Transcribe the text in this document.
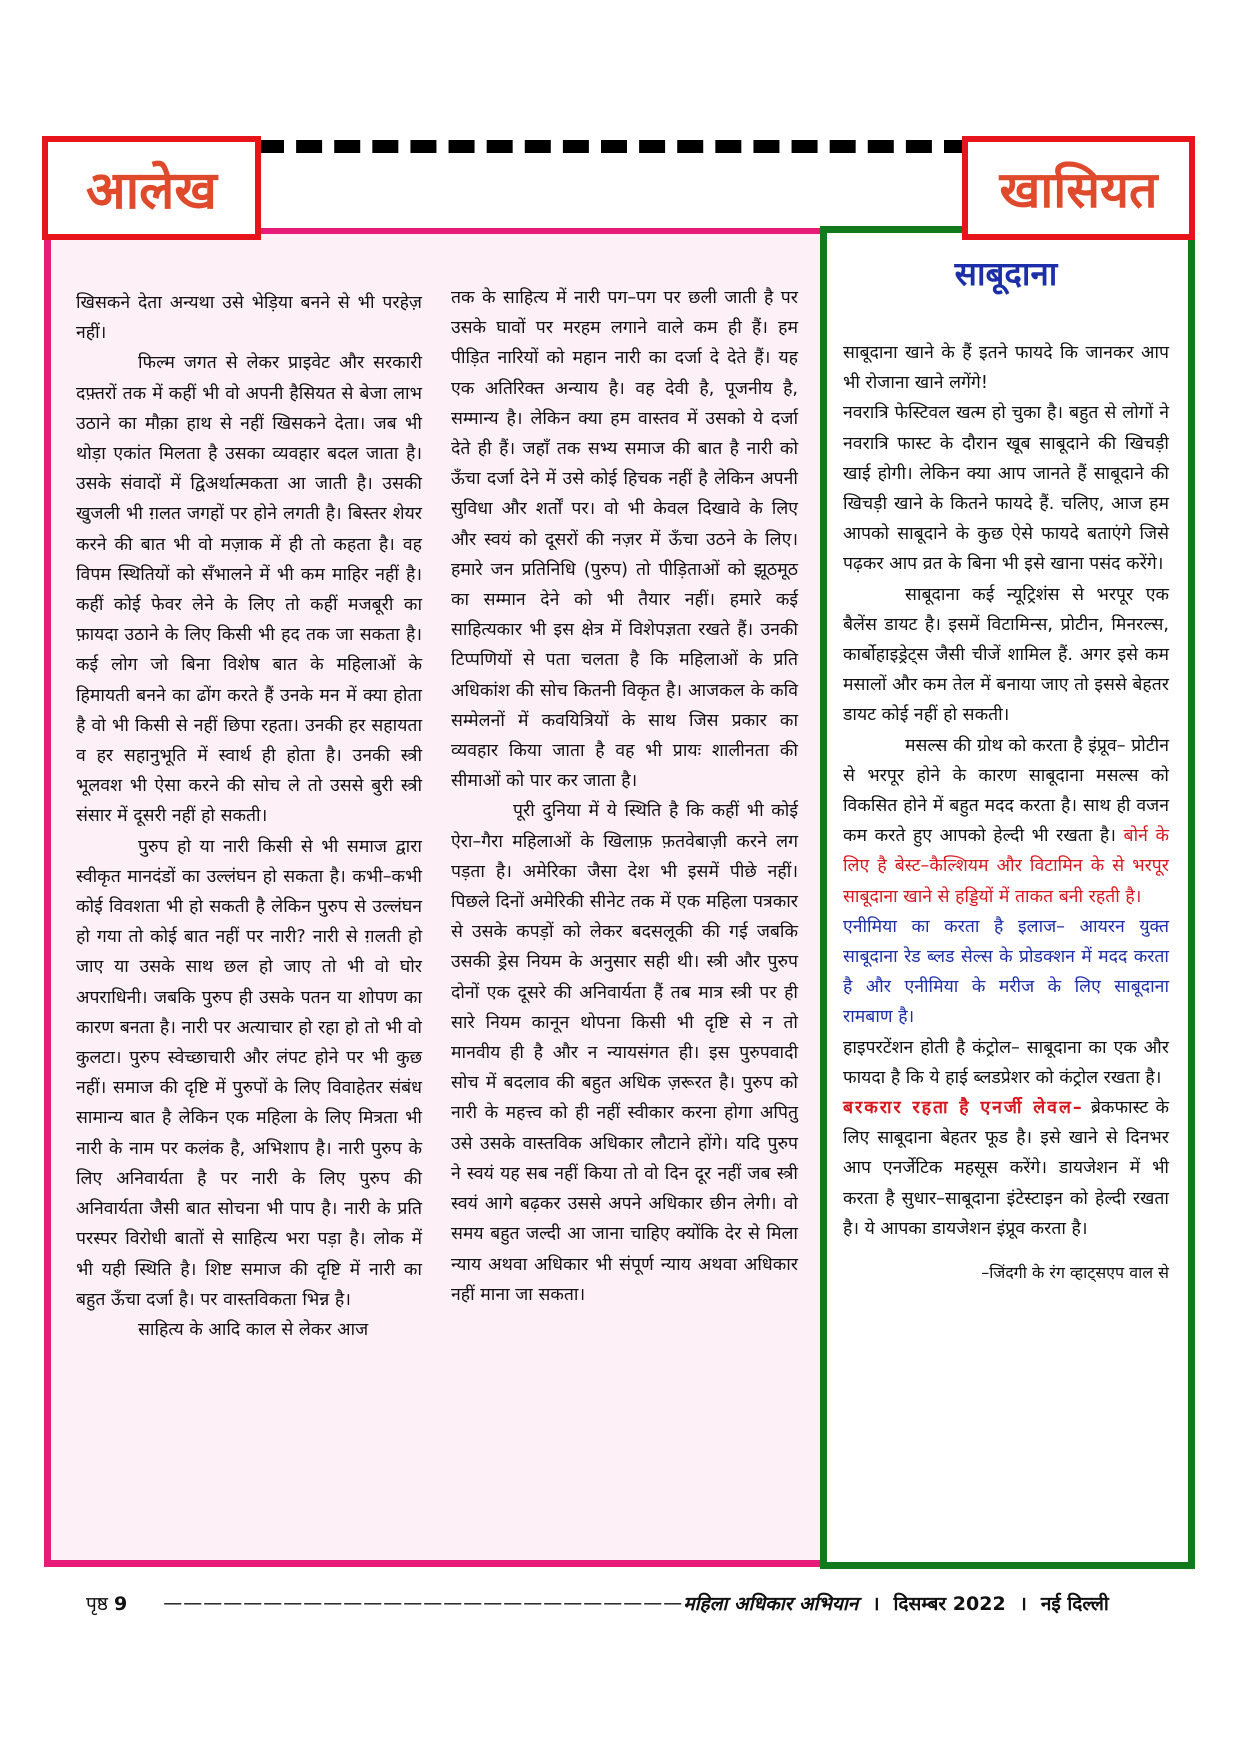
आलेख	खासियत

खिसकने देता अन्यथा उसे भेड़िया बनने से भी परहेज़ नहीं।

फिल्म जगत से लेकर प्राइवेट और सरकारी दफ़्तरों तक में कहीं भी वो अपनी हैसियत से बेजा लाभ उठाने का मौक़ा हाथ से नहीं खिसकने देता। जब भी थोड़ा एकांत मिलता है उसका व्यवहार बदल जाता है। उसके संवादों में द्विअर्थात्मकता आ जाती है। उसकी खुजली भी ग़लत जगहों पर होने लगती है। बिस्तर शेयर करने की बात भी वो मज़ाक में ही तो कहता है। वह विपम स्थितियों को सँभालने में भी कम माहिर नहीं है। कहीं कोई फेवर लेने के लिए तो कहीं मजबूरी का फ़ायदा उठाने के लिए किसी भी हद तक जा सकता है। कई लोग जो बिना विशेष बात के महिलाओं के हिमायती बनने का ढोंग करते हैं उनके मन में क्या होता है वो भी किसी से नहीं छिपा रहता। उनकी हर सहायता व हर सहानुभूति में स्वार्थ ही होता है। उनकी स्त्री भूलवश भी ऐसा करने की सोच ले तो उससे बुरी स्त्री संसार में दूसरी नहीं हो सकती।

पुरुप हो या नारी किसी से भी समाज द्वारा स्वीकृत मानदंडों का उल्लंघन हो सकता है। कभी–कभी कोई विवशता भी हो सकती है लेकिन पुरुप से उल्लंघन हो गया तो कोई बात नहीं पर नारी? नारी से ग़लती हो जाए या उसके साथ छल हो जाए तो भी वो घोर अपराधिनी। जबकि पुरुप ही उसके पतन या शोपण का कारण बनता है। नारी पर अत्याचार हो रहा हो तो भी वो कुलटा। पुरुप स्वेच्छाचारी और लंपट होने पर भी कुछ नहीं। समाज की दृष्टि में पुरुपों के लिए विवाहेतर संबंध सामान्य बात है लेकिन एक महिला के लिए मित्रता भी नारी के नाम पर कलंक है, अभिशाप है। नारी पुरुप के लिए अनिवार्यता है पर नारी के लिए पुरुप की अनिवार्यता जैसी बात सोचना भी पाप है। नारी के प्रति परस्पर विरोधी बातों से साहित्य भरा पड़ा है। लोक में भी यही स्थिति है। शिष्ट समाज की दृष्टि में नारी का बहुत ऊँचा दर्जा है। पर वास्तविकता भिन्न है।

साहित्य के आदि काल से लेकर आज

तक के साहित्य में नारी पग–पग पर छली जाती है पर उसके घावों पर मरहम लगाने वाले कम ही हैं। हम पीड़ित नारियों को महान नारी का दर्जा दे देते हैं। यह एक अतिरिक्त अन्याय है। वह देवी है, पूजनीय है, सम्मान्य है। लेकिन क्या हम वास्तव में उसको ये दर्जा देते ही हैं। जहाँ तक सभ्य समाज की बात है नारी को ऊँचा दर्जा देने में उसे कोई हिचक नहीं है लेकिन अपनी सुविधा और शर्तों पर। वो भी केवल दिखावे के लिए और स्वयं को दूसरों की नज़र में ऊँचा उठने के लिए। हमारे जन प्रतिनिधि (पुरुप) तो पीड़िताओं को झूठमूठ का सम्मान देने को भी तैयार नहीं। हमारे कई साहित्यकार भी इस क्षेत्र में विशेपज्ञता रखते हैं। उनकी टिप्पणियों से पता चलता है कि महिलाओं के प्रति अधिकांश की सोच कितनी विकृत है। आजकल के कवि सम्मेलनों में कवयित्रियों के साथ जिस प्रकार का व्यवहार किया जाता है वह भी प्रायः शालीनता की सीमाओं को पार कर जाता है।

पूरी दुनिया में ये स्थिति है कि कहीं भी कोई ऐरा–गैरा महिलाओं के खिलाफ़ फ़तवेबाज़ी करने लग पड़ता है। अमेरिका जैसा देश भी इसमें पीछे नहीं। पिछले दिनों अमेरिकी सीनेट तक में एक महिला पत्रकार से उसके कपड़ों को लेकर बदसलूकी की गई जबकि उसकी ड्रेस नियम के अनुसार सही थी। स्त्री और पुरुप दोनों एक दूसरे की अनिवार्यता हैं तब मात्र स्त्री पर ही सारे नियम कानून थोपना किसी भी दृष्टि से न तो मानवीय ही है और न न्यायसंगत ही। इस पुरुपवादी सोच में बदलाव की बहुत अधिक ज़रूरत है। पुरुप को नारी के महत्त्व को ही नहीं स्वीकार करना होगा अपितु उसे उसके वास्तविक अधिकार लौटाने होंगे। यदि पुरुप ने स्वयं यह सब नहीं किया तो वो दिन दूर नहीं जब स्त्री स्वयं आगे बढ़कर उससे अपने अधिकार छीन लेगी। वो समय बहुत जल्दी आ जाना चाहिए क्योंकि देर से मिला न्याय अथवा अधिकार भी संपूर्ण न्याय अथवा अधिकार नहीं माना जा सकता।

साबूदाना

साबूदाना खाने के हैं इतने फायदे कि जानकर आप भी रोजाना खाने लगेंगे!

नवरात्रि फेस्टिवल खत्म हो चुका है। बहुत से लोगों ने नवरात्रि फास्ट के दौरान खूब साबूदाने की खिचड़ी खाई होगी। लेकिन क्या आप जानते हैं साबूदाने की खिचड़ी खाने के कितने फायदे हैं. चलिए, आज हम आपको साबूदाने के कुछ ऐसे फायदे बताएंगे जिसे पढ़कर आप व्रत के बिना भी इसे खाना पसंद करेंगे।

साबूदाना कई न्यूट्रिशंस से भरपूर एक बैलेंस डायट है। इसमें विटामिन्स, प्रोटीन, मिनरल्स, कार्बोहाइड्रेट्स जैसी चीजें शामिल हैं. अगर इसे कम मसालों और कम तेल में बनाया जाए तो इससे बेहतर डायट कोई नहीं हो सकती।

मसल्स की ग्रोथ को करता है इंप्रूव– प्रोटीन से भरपूर होने के कारण साबूदाना मसल्स को विकसित होने में बहुत मदद करता है। साथ ही वजन कम करते हुए आपको हेल्दी भी रखता है। बोर्न के लिए है बेस्ट–कैल्शियम और विटामिन के से भरपूर साबूदाना खाने से हड्डियों में ताकत बनी रहती है।

एनीमिया का करता है इलाज– आयरन युक्त साबूदाना रेड ब्लड सेल्स के प्रोडक्शन में मदद करता है और एनीमिया के मरीज के लिए साबूदाना रामबाण है।

हाइपरटेंशन होती है कंट्रोल– साबूदाना का एक और फायदा है कि ये हाई ब्लडप्रेशर को कंट्रोल रखता है।

बरकरार रहता है एनर्जी लेवल– ब्रेकफास्ट के लिए साबूदाना बेहतर फूड है। इसे खाने से दिनभर आप एनर्जेटिक महसूस करेंगे। डायजेशन में भी करता है सुधार–साबूदाना इंटेस्टाइन को हेल्दी रखता है। ये आपका डायजेशन इंप्रूव करता है।

–जिंदगी के रंग व्हाट्सएप वाल से

पृष्ठ 9 —————————————————————————— महिला अधिकार अभियान । दिसम्बर 2022 । नई दिल्ली
